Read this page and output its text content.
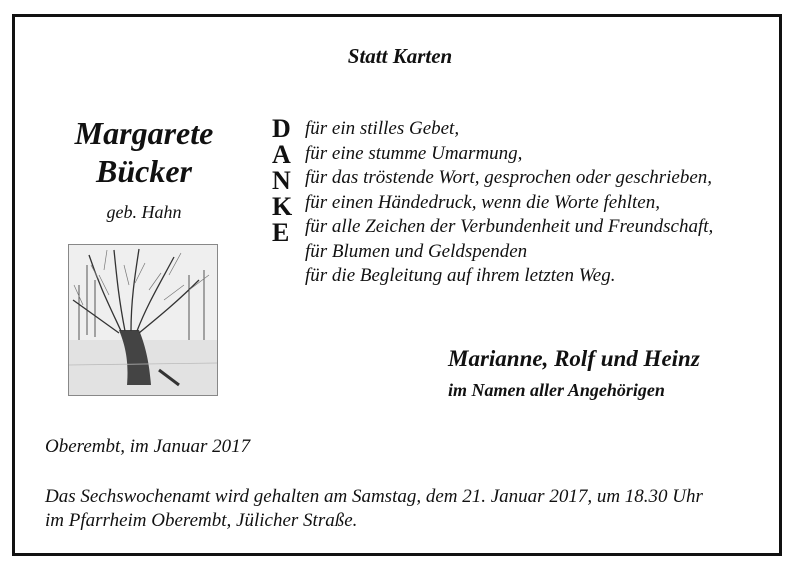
Statt Karten
Margarete
Bücker
geb. Hahn
D
A
N
K
E
für ein stilles Gebet,
für eine stumme Umarmung,
für das tröstende Wort, gesprochen oder geschrieben,
für einen Händedruck, wenn die Worte fehlten,
für alle Zeichen der Verbundenheit und Freundschaft,
für Blumen und Geldspenden
für die Begleitung auf ihrem letzten Weg.
Marianne, Rolf und Heinz
im Namen aller Angehörigen
Oberembt, im Januar 2017
Das Sechswochenamt wird gehalten am Samstag, dem 21. Januar 2017, um 18.30 Uhr
im Pfarrheim Oberembt, Jülicher Straße.
